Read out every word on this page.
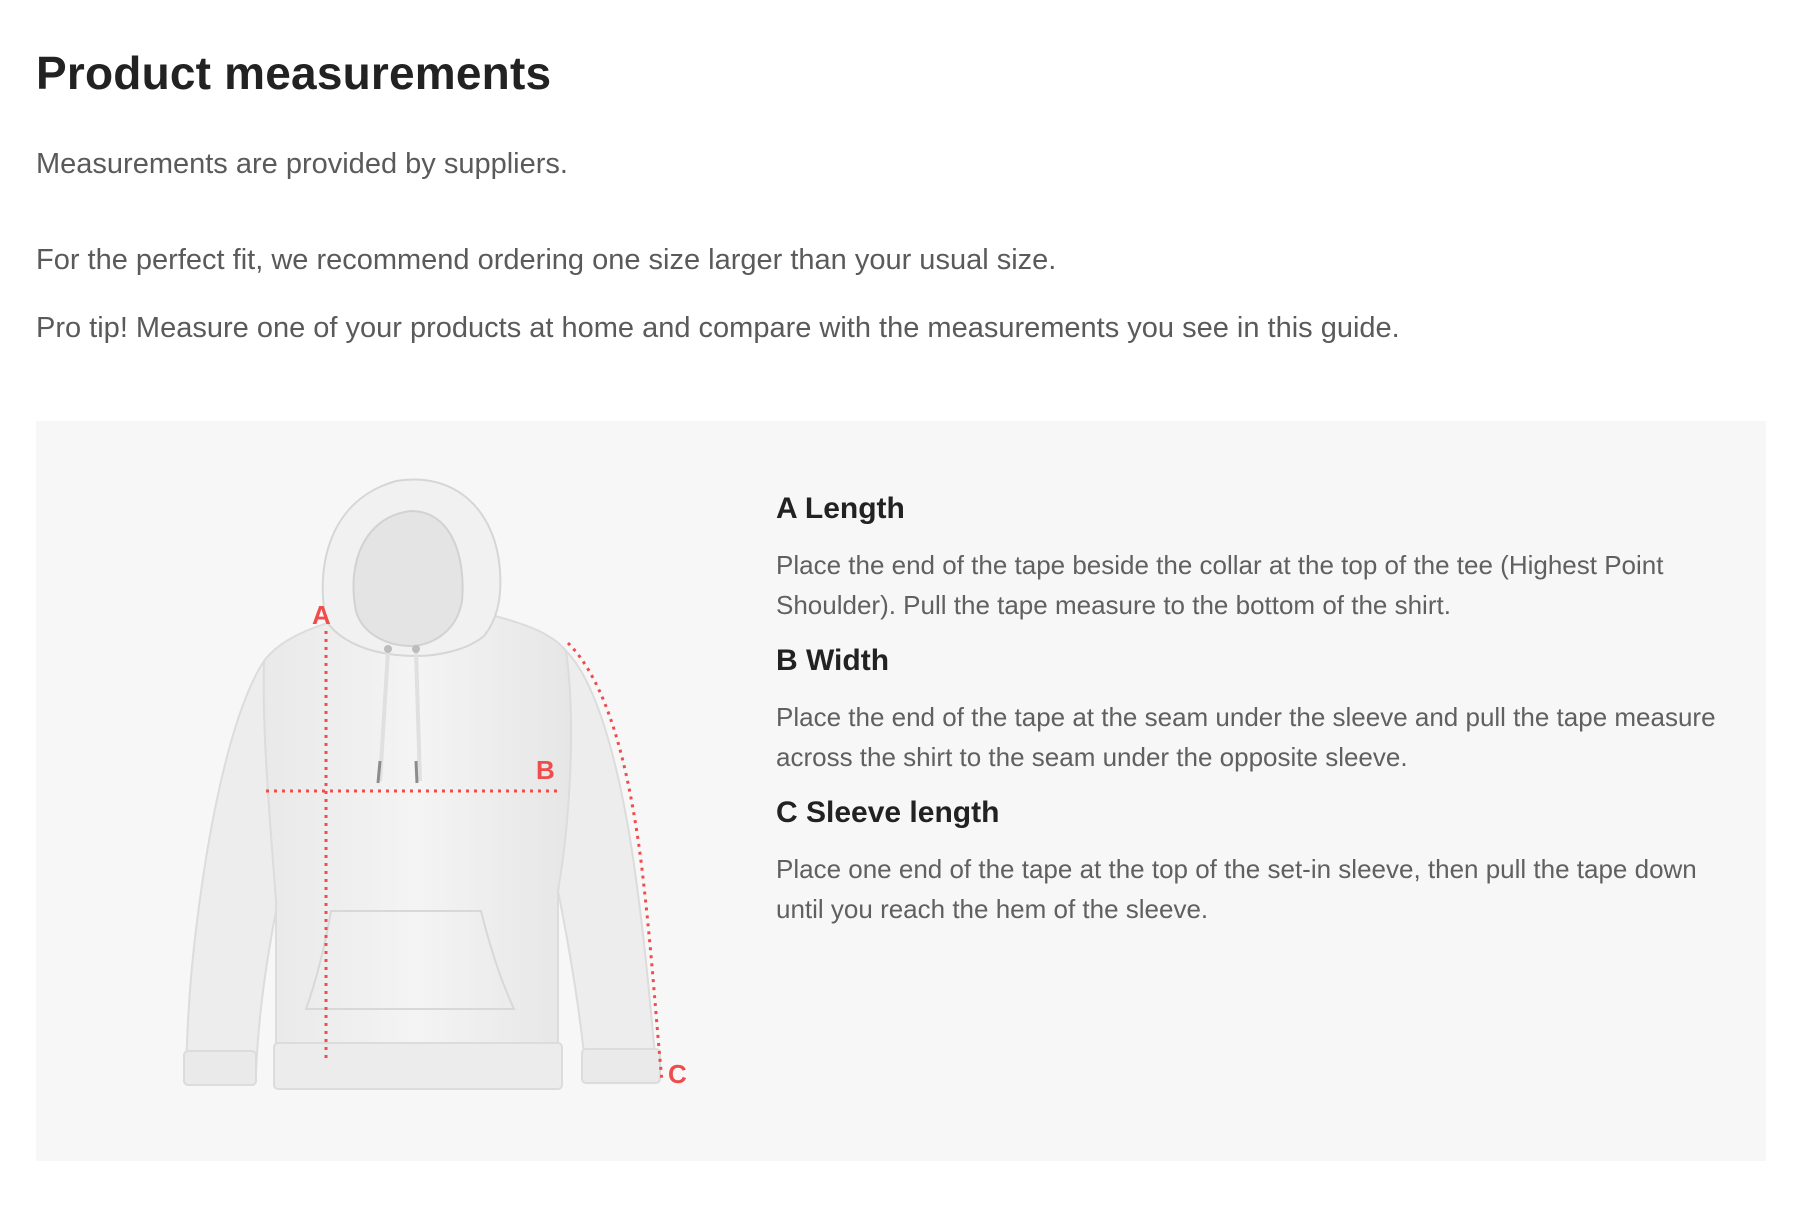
Product measurements

Measurements are provided by suppliers.

For the perfect fit, we recommend ordering one size larger than your usual size.

Pro tip! Measure one of your products at home and compare with the measurements you see in this guide.

A
B
C
A Length

Place the end of the tape beside the collar at the top of the tee (Highest Point Shoulder). Pull the tape measure to the bottom of the shirt.

B Width

Place the end of the tape at the seam under the sleeve and pull the tape measure across the shirt to the seam under the opposite sleeve.

C Sleeve length

Place one end of the tape at the top of the set-in sleeve, then pull the tape down until you reach the hem of the sleeve.
